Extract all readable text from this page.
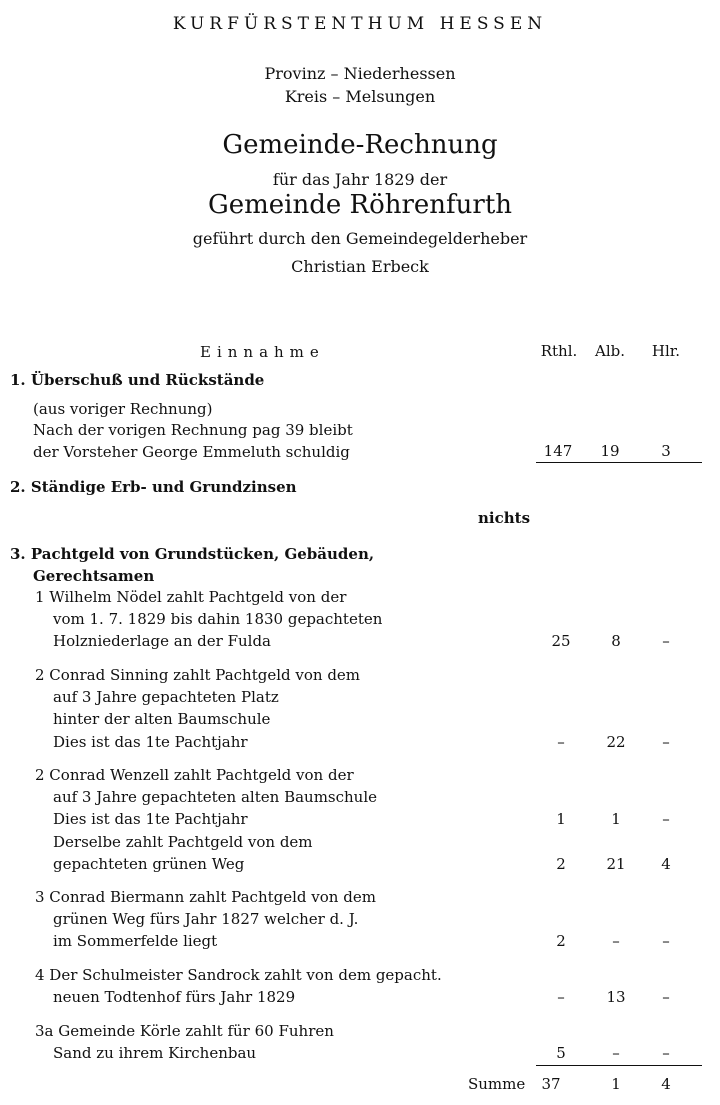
KURFÜRSTENTHUM HESSEN
Provinz – Niederhessen
Kreis – Melsungen
Gemeinde-Rechnung
für das Jahr 1829 der
Gemeinde Röhrenfurth
geführt durch den Gemeindegelderheber
Christian Erbeck
Einnahme	Rthl.	Alb.	Hlr.
1. Überschuß und Rückstände
(aus voriger Rechnung)
Nach der vorigen Rechnung pag 39 bleibt
der Vorsteher George Emmeluth schuldig	147	19	3
2. Ständige Erb- und Grundzinsen
nichts
3. Pachtgeld von Grundstücken, Gebäuden,
Gerechtsamen
1 Wilhelm Nödel zahlt Pachtgeld von der
vom 1. 7. 1829 bis dahin 1830 gepachteten
Holzniederlage an der Fulda	25	8	–
2 Conrad Sinning zahlt Pachtgeld von dem
auf 3 Jahre gepachteten Platz
hinter der alten Baumschule
Dies ist das 1te Pachtjahr	–	22	–
2 Conrad Wenzell zahlt Pachtgeld von der
auf 3 Jahre gepachteten alten Baumschule
Dies ist das 1te Pachtjahr	1	1	–
Derselbe zahlt Pachtgeld von dem
gepachteten grünen Weg	2	21	4
3 Conrad Biermann zahlt Pachtgeld von dem
grünen Weg fürs Jahr 1827 welcher d. J.
im Sommerfelde liegt	2	–	–
4 Der Schulmeister Sandrock zahlt von dem gepacht.
neuen Todtenhof fürs Jahr 1829	–	13	–
3a Gemeinde Körle zahlt für 60 Fuhren
Sand zu ihrem Kirchenbau	5	–	–
Summe	37	1	4
